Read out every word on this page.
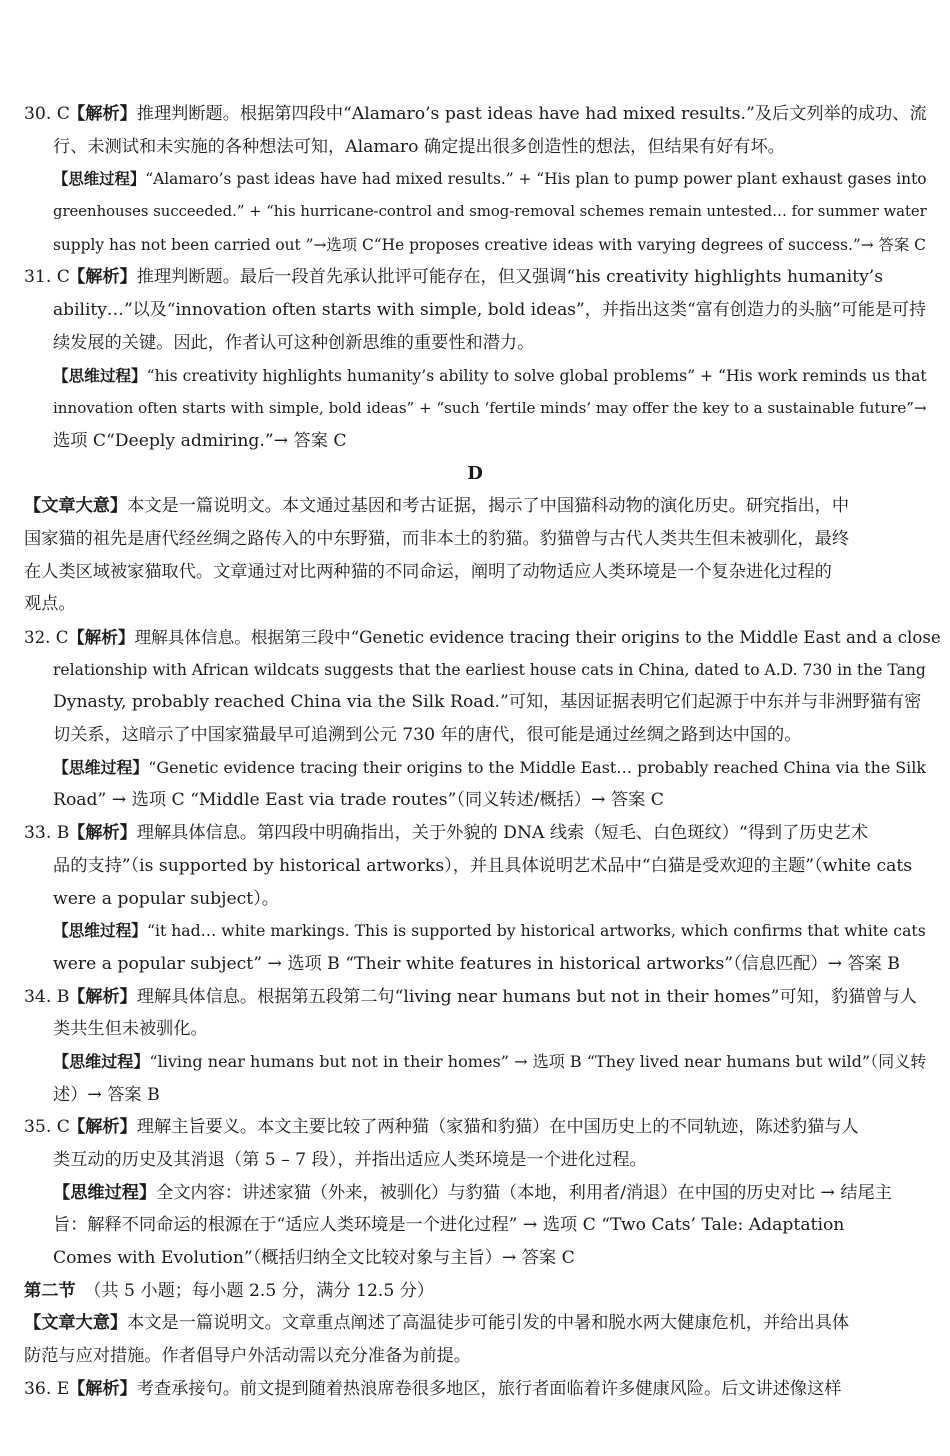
30. C【解析】推理判断题。根据第四段中“Alamaro’s past ideas have had mixed results.”及后文列举的成功、流
行、未测试和未实施的各种想法可知，Alamaro 确定提出很多创造性的想法，但结果有好有坏。
【思维过程】“Alamaro’s past ideas have had mixed results.” + “His plan to pump power plant exhaust gases into
greenhouses succeeded.” + “his hurricane-control and smog-removal schemes remain untested… for summer water
supply has not been carried out ”→选项 C“He proposes creative ideas with varying degrees of success.”→ 答案 C
31. C【解析】推理判断题。最后一段首先承认批评可能存在，但又强调“his creativity highlights humanity’s
ability…”以及“innovation often starts with simple, bold ideas”，并指出这类“富有创造力的头脑”可能是可持
续发展的关键。因此，作者认可这种创新思维的重要性和潜力。
【思维过程】“his creativity highlights humanity’s ability to solve global problems” + “His work reminds us that
innovation often starts with simple, bold ideas” + “such ‘fertile minds’ may offer the key to a sustainable future”→
选项 C“Deeply admiring.”→ 答案 C
D
【文章大意】本文是一篇说明文。本文通过基因和考古证据，揭示了中国猫科动物的演化历史。研究指出，中
国家猫的祖先是唐代经丝绸之路传入的中东野猫，而非本土的豹猫。豹猫曾与古代人类共生但未被驯化，最终
在人类区域被家猫取代。文章通过对比两种猫的不同命运，阐明了动物适应人类环境是一个复杂进化过程的
观点。
32. C【解析】理解具体信息。根据第三段中“Genetic evidence tracing their origins to the Middle East and a close
relationship with African wildcats suggests that the earliest house cats in China, dated to A.D. 730 in the Tang
Dynasty, probably reached China via the Silk Road.”可知，基因证据表明它们起源于中东并与非洲野猫有密
切关系，这暗示了中国家猫最早可追溯到公元 730 年的唐代，很可能是通过丝绸之路到达中国的。
【思维过程】“Genetic evidence tracing their origins to the Middle East… probably reached China via the Silk
Road” → 选项 C “Middle East via trade routes”（同义转述/概括）→ 答案 C
33. B【解析】理解具体信息。第四段中明确指出，关于外貌的 DNA 线索（短毛、白色斑纹）“得到了历史艺术
品的支持”（is supported by historical artworks），并且具体说明艺术品中“白猫是受欢迎的主题”（white cats
were a popular subject）。
【思维过程】“it had… white markings. This is supported by historical artworks, which confirms that white cats
were a popular subject” → 选项 B “Their white features in historical artworks”（信息匹配）→ 答案 B
34. B【解析】理解具体信息。根据第五段第二句“living near humans but not in their homes”可知，豹猫曾与人
类共生但未被驯化。
【思维过程】“living near humans but not in their homes” → 选项 B “They lived near humans but wild”（同义转
述）→ 答案 B
35. C【解析】理解主旨要义。本文主要比较了两种猫（家猫和豹猫）在中国历史上的不同轨迹，陈述豹猫与人
类互动的历史及其消退（第 5 – 7 段），并指出适应人类环境是一个进化过程。
【思维过程】全文内容：讲述家猫（外来，被驯化）与豹猫（本地，利用者/消退）在中国的历史对比 → 结尾主
旨：解释不同命运的根源在于“适应人类环境是一个进化过程” → 选项 C “Two Cats’ Tale: Adaptation
Comes with Evolution”（概括归纳全文比较对象与主旨）→ 答案 C
第二节　（共 5 小题；每小题 2.5 分，满分 12.5 分）
【文章大意】本文是一篇说明文。文章重点阐述了高温徒步可能引发的中暑和脱水两大健康危机，并给出具体
防范与应对措施。作者倡导户外活动需以充分准备为前提。
36. E【解析】考查承接句。前文提到随着热浪席卷很多地区，旅行者面临着许多健康风险。后文讲述像这样
